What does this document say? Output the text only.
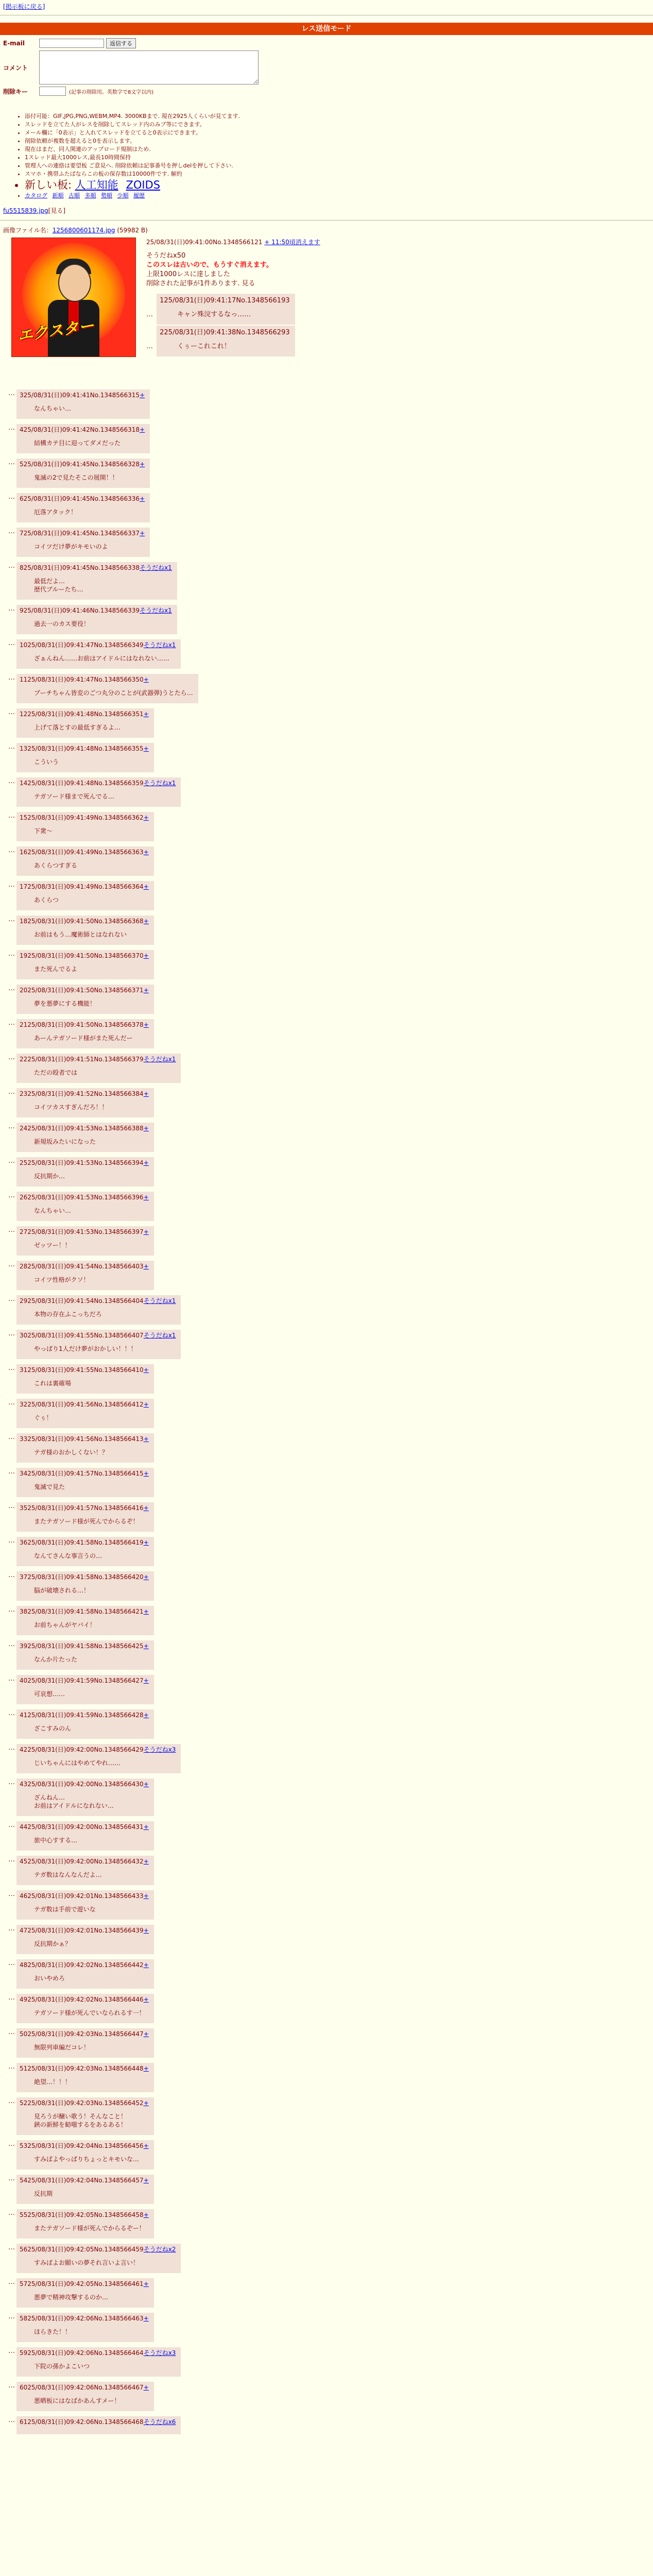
[掲示板に戻る]
レス送信モード
E-mail	返信する
コメント
削除キー	(記事の削除用。英数字で8文字以内)
• 添付可能：GIF,JPG,PNG,WEBM,MP4. 3000KBまで. 現在2925人くらいが見てます.
• スレッドを立てた人がレスを削除してスレッド内のみブ等にできます。
• メール欄に「0表示」と入れてスレッドを立てると0表示にできます。
• 削除依頼が複数を超えると0を表示します。
• 現在はまだ、同人関連のアップロード規制はため.
• 1スレッド最大1000レス,最長10時間保持
• 管理人への連絡は要望板 ご意見へ. 削除依頼は記事番号を押しdelを押して下さい.
• スマホ・携帯ふたばならこの板の保存数は10000件です. 解約
• 新しい板: 人工知能 ZOIDS
• カタログ 新順 古順 多順 勢順 少順 履歴
fu5515839.jpg[見る]
画像ファイル名：1256800601174.jpg (59982 B)
エクスター
25/08/31(日)09:41:00No.1348566121 + 11:50頃消えます
そうだねx50
このスレは古いので、もうすぐ消えます。
上限1000レスに達しました
削除された記事が1件あります. 見る
…
125/08/31(日)09:41:17No.1348566193
キャン殊浣するなっ……
…
225/08/31(日)09:41:38No.1348566293
くぅーこれこれ！
… 325/08/31(日)09:41:41No.1348566315+
なんちゃい…
… 425/08/31(日)09:41:42No.1348566318+
結構カテ目に迎ってダメだった
… 525/08/31(日)09:41:45No.1348566328+
鬼滅の2で見たそこの展開！！
… 625/08/31(日)09:41:45No.1348566336+
厄落アタック！
… 725/08/31(日)09:41:45No.1348566337+
コイツだけ夢がキモいのよ
… 825/08/31(日)09:41:45No.1348566338そうだねx1
最低だよ…
歴代ブルーたち…
… 925/08/31(日)09:41:46No.1348566339そうだねx1
過去一のカス要役！
… 1025/08/31(日)09:41:47No.1348566349そうだねx1
ざぁんねん……お前はアイドルにはなれない……
… 1125/08/31(日)09:41:47No.1348566350+
ブーチちゃん皆変のごつ丸分のことが(武器弾)うとたら…
… 1225/08/31(日)09:41:48No.1348566351+
上げて落とすの最低すぎるよ…
… 1325/08/31(日)09:41:48No.1348566355+
こういう
… 1425/08/31(日)09:41:48No.1348566359そうだねx1
テガソード様まで死んでる…
… 1525/08/31(日)09:41:49No.1348566362+
下衆〜
… 1625/08/31(日)09:41:49No.1348566363+
あくらつすぎる
… 1725/08/31(日)09:41:49No.1348566364+
あくらつ
… 1825/08/31(日)09:41:50No.1348566368+
お前はもう…魔術師とはなれない
… 1925/08/31(日)09:41:50No.1348566370+
また死んでるよ
… 2025/08/31(日)09:41:50No.1348566371+
夢を悪夢にする機能！
… 2125/08/31(日)09:41:50No.1348566378+
あーんテガソード様がまた死んだー
… 2225/08/31(日)09:41:51No.1348566379そうだねx1
ただの殴者では
… 2325/08/31(日)09:41:52No.1348566384+
コイツカスすぎんだろ！！
… 2425/08/31(日)09:41:53No.1348566388+
新規坂みたいになった
… 2525/08/31(日)09:41:53No.1348566394+
反抗期か…
… 2625/08/31(日)09:41:53No.1348566396+
なんちゃい…
… 2725/08/31(日)09:41:53No.1348566397+
ゼッツー！！
… 2825/08/31(日)09:41:54No.1348566403+
コイツ性格がクソ！
… 2925/08/31(日)09:41:54No.1348566404そうだねx1
本物の存在ふこっちだろ
… 3025/08/31(日)09:41:55No.1348566407そうだねx1
やっぱり1人だけ夢がおかしい！！！
… 3125/08/31(日)09:41:55No.1348566410+
これは裏確場
… 3225/08/31(日)09:41:56No.1348566412+
ぐぅ！
… 3325/08/31(日)09:41:56No.1348566413+
テガ様のおかしくない！？
… 3425/08/31(日)09:41:57No.1348566415+
鬼滅で見た
… 3525/08/31(日)09:41:57No.1348566416+
またテガソード様が死んでからるぞ！
… 3625/08/31(日)09:41:58No.1348566419+
なんてさんな事言うの…
… 3725/08/31(日)09:41:58No.1348566420+
脳が破壊される…！
… 3825/08/31(日)09:41:58No.1348566421+
お前ちゃんがヤバイ！
… 3925/08/31(日)09:41:58No.1348566425+
なんか片たった
… 4025/08/31(日)09:41:59No.1348566427+
可哀想……
… 4125/08/31(日)09:41:59No.1348566428+
ざこすみのん
… 4225/08/31(日)09:42:00No.1348566429そうだねx3
じいちゃんにはやめてやれ……
… 4325/08/31(日)09:42:00No.1348566430+
ざんねん…
お前はアイドルになれない…
… 4425/08/31(日)09:42:00No.1348566431+
旅中心すする…
… 4525/08/31(日)09:42:00No.1348566432+
テガ数はなんなんだよ…
… 4625/08/31(日)09:42:01No.1348566433+
テガ数は手前で遊いな
… 4725/08/31(日)09:42:01No.1348566439+
反抗期かぁ？
… 4825/08/31(日)09:42:02No.1348566442+
おいやめろ
… 4925/08/31(日)09:42:02No.1348566446+
テガソード様が死んでいなられるす一！
… 5025/08/31(日)09:42:03No.1348566447+
無限列車編だコレ！
… 5125/08/31(日)09:42:03No.1348566448+
絶望…！！！
… 5225/08/31(日)09:42:03No.1348566452+
見ろうが醸い歌う！そんなこと！
鋏の新鮮を勧嗤するをあるある！
… 5325/08/31(日)09:42:04No.1348566456+
すみばよやっぱりちょっとキモいな…
… 5425/08/31(日)09:42:04No.1348566457+
反抗期
… 5525/08/31(日)09:42:05No.1348566458+
またテガソード様が死んでからるぞー！
… 5625/08/31(日)09:42:05No.1348566459そうだねx2
すみばよお願いの夢それ言いよ言い！
… 5725/08/31(日)09:42:05No.1348566461+
悪夢で精神攻撃するのか…
… 5825/08/31(日)09:42:06No.1348566463+
ほらきた！！
… 5925/08/31(日)09:42:06No.1348566464そうだねx3
下院の孫かよこいつ
… 6025/08/31(日)09:42:06No.1348566467+
悪晒板にはなばかあんすメー！
… 6125/08/31(日)09:42:06No.1348566468そうだねx6
